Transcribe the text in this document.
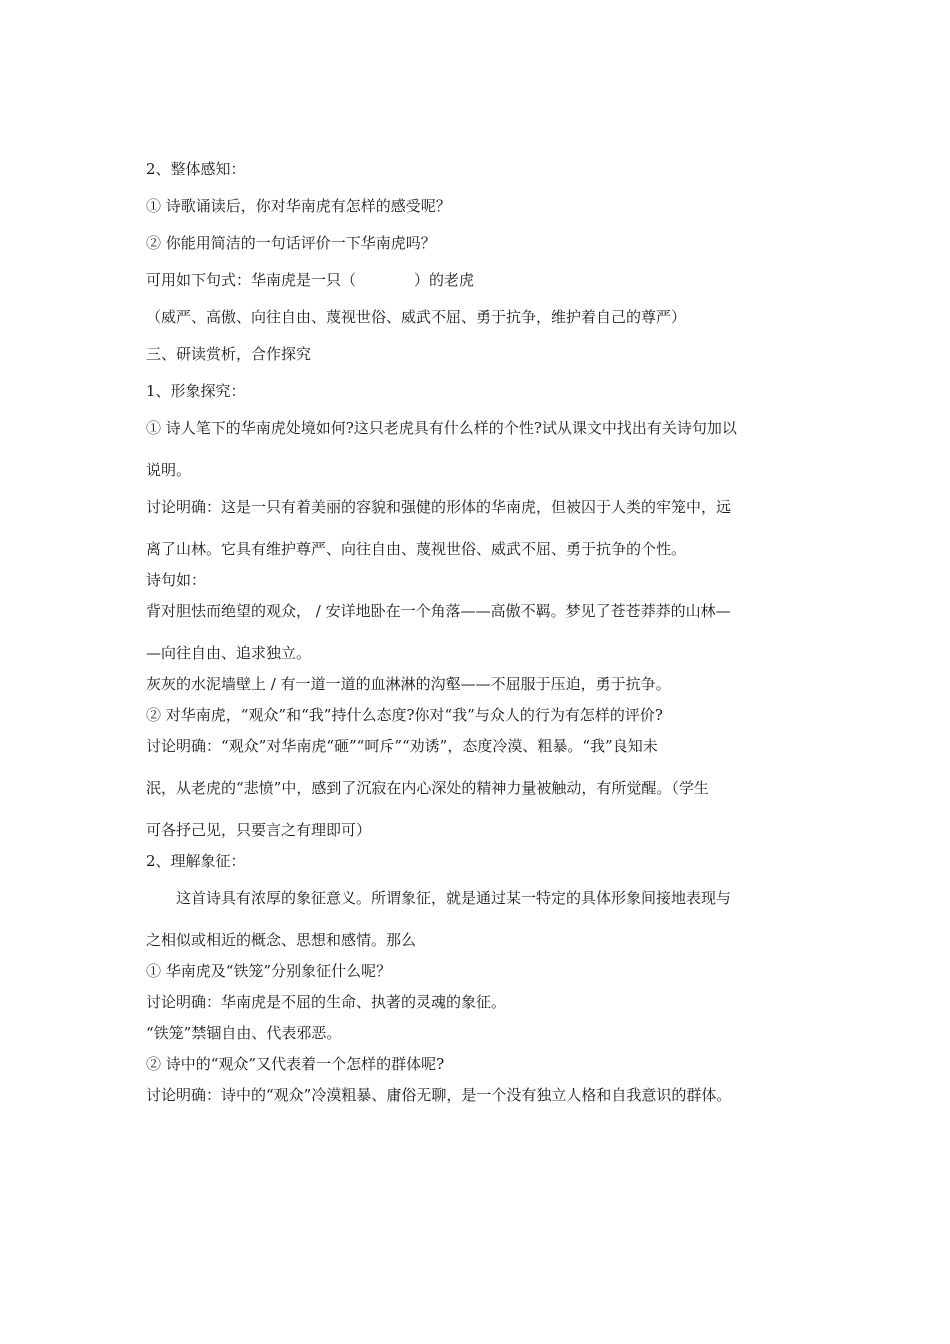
2、整体感知：
① 诗歌诵读后，你对华南虎有怎样的感受呢？
② 你能用简洁的一句话评价一下华南虎吗？
可用如下句式：华南虎是一只（	）的老虎
（威严、高傲、向往自由、蔑视世俗、威武不屈、勇于抗争，维护着自己的尊严）
三、研读赏析，合作探究
1、形象探究：
① 诗人笔下的华南虎处境如何?这只老虎具有什么样的个性?试从课文中找出有关诗句加以
说明。
讨论明确：这是一只有着美丽的容貌和强健的形体的华南虎，但被囚于人类的牢笼中，远
离了山林。它具有维护尊严、向往自由、蔑视世俗、威武不屈、勇于抗争的个性。
诗句如：
背对胆怯而绝望的观众， / 安详地卧在一个角落——高傲不羁。梦见了苍苍莽莽的山林—
—向往自由、追求独立。
灰灰的水泥墙壁上 / 有一道一道的血淋淋的沟壑——不屈服于压迫，勇于抗争。
② 对华南虎，“观众”和“我”持什么态度?你对“我”与众人的行为有怎样的评价?
讨论明确：“观众”对华南虎“砸”“呵斥”“劝诱”，态度冷漠、粗暴。“我”良知未
泯，从老虎的“悲愤”中，感到了沉寂在内心深处的精神力量被触动，有所觉醒。（学生
可各抒己见，只要言之有理即可）
2、理解象征：
这首诗具有浓厚的象征意义。所谓象征，就是通过某一特定的具体形象间接地表现与
之相似或相近的概念、思想和感情。那么
① 华南虎及“铁笼”分别象征什么呢？
讨论明确：华南虎是不屈的生命、执著的灵魂的象征。
“铁笼”禁锢自由、代表邪恶。
② 诗中的“观众”又代表着一个怎样的群体呢?
讨论明确：诗中的“观众”冷漠粗暴、庸俗无聊，是一个没有独立人格和自我意识的群体。
